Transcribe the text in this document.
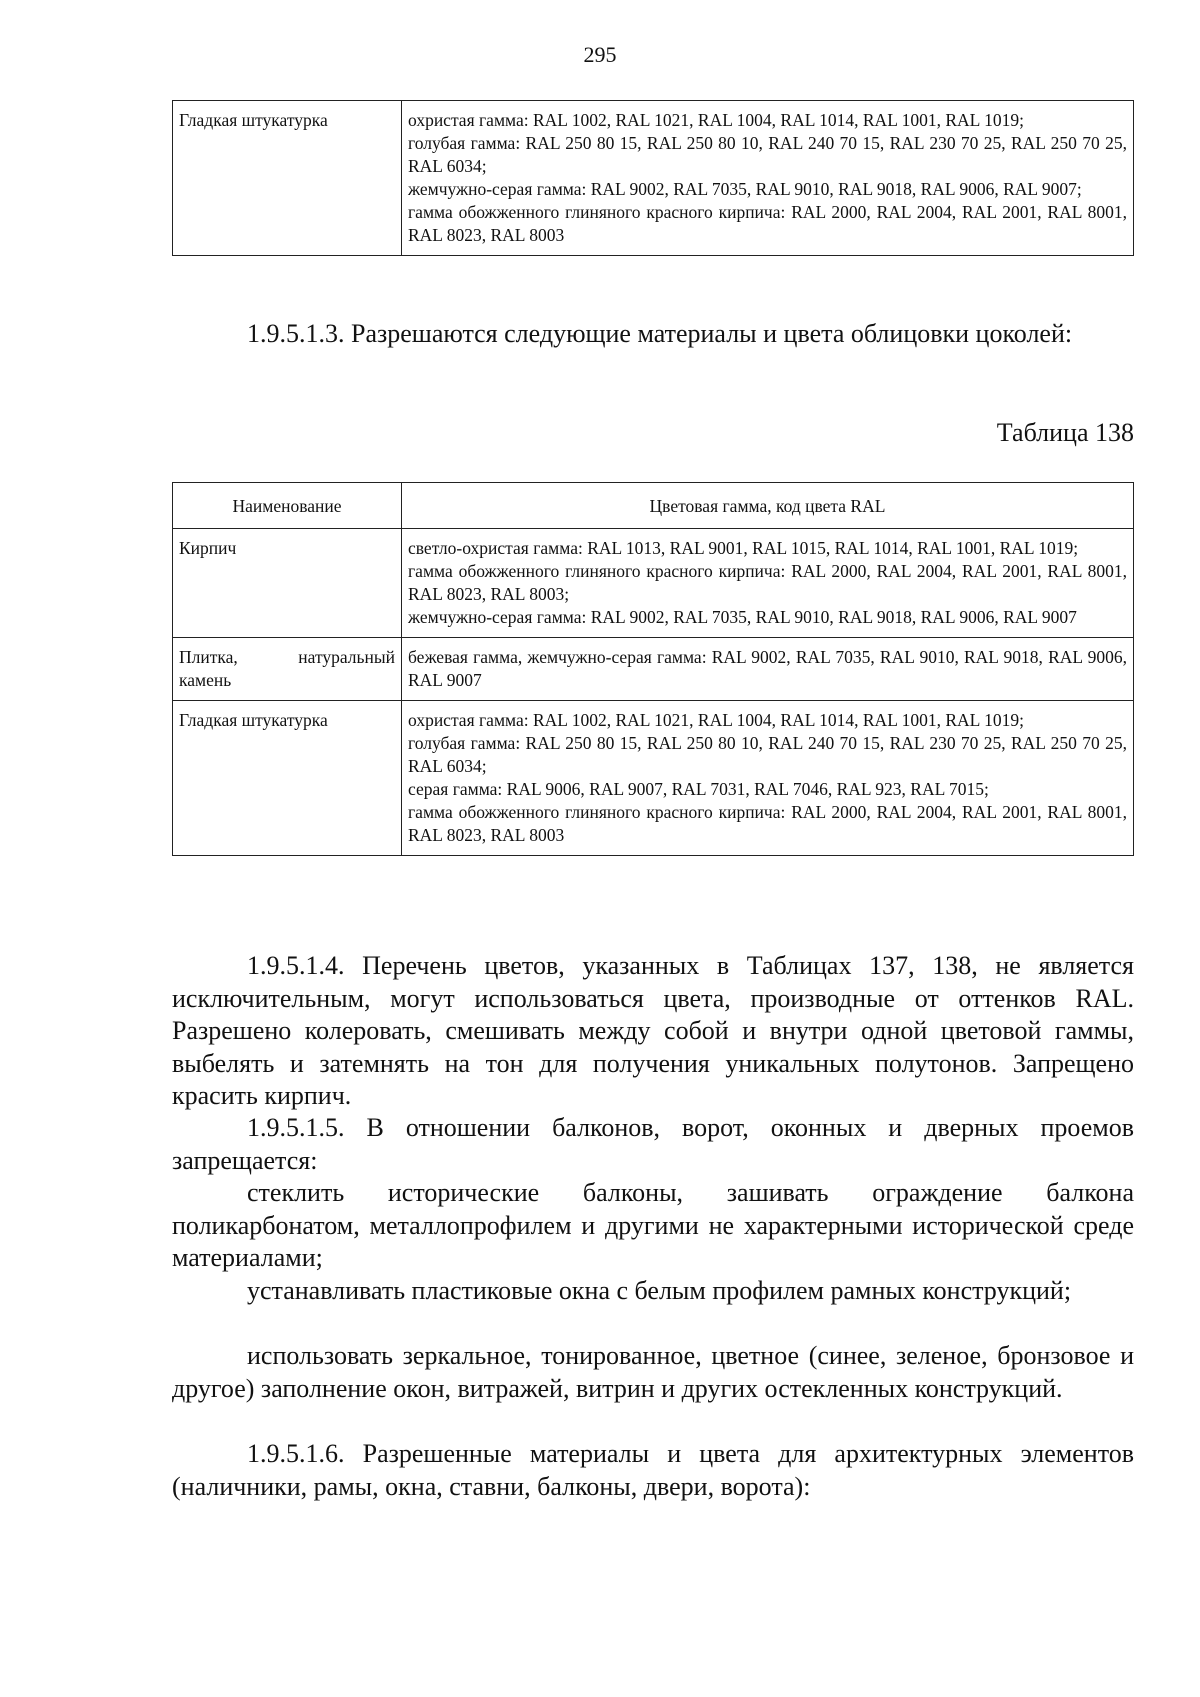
295
Гладкая штукатурка	охристая гамма: RAL 1002, RAL 1021, RAL 1004, RAL 1014, RAL 1001, RAL 1019;
голубая гамма: RAL 250 80 15, RAL 250 80 10, RAL 240 70 15, RAL 230 70 25, RAL 250 70 25, RAL 6034;
жемчужно-серая гамма: RAL 9002, RAL 7035, RAL 9010, RAL 9018, RAL 9006, RAL 9007;
гамма обожженного глиняного красного кирпича: RAL 2000, RAL 2004, RAL 2001, RAL 8001, RAL 8023, RAL 8003

1.9.5.1.3. Разрешаются следующие материалы и цвета облицовки цоколей:

Таблица 138
Наименование	Цветовая гамма, код цвета RAL
Кирпич	светло-охристая гамма: RAL 1013, RAL 9001, RAL 1015, RAL 1014, RAL 1001, RAL 1019;
гамма обожженного глиняного красного кирпича: RAL 2000, RAL 2004, RAL 2001, RAL 8001, RAL 8023, RAL 8003;
жемчужно-серая гамма: RAL 9002, RAL 7035, RAL 9010, RAL 9018, RAL 9006, RAL 9007

Плитка, натуральный
камень	бежевая гамма, жемчужно-серая гамма: RAL 9002, RAL 7035, RAL 9010, RAL 9018, RAL 9006, RAL 9007

Гладкая штукатурка	охристая гамма: RAL 1002, RAL 1021, RAL 1004, RAL 1014, RAL 1001, RAL 1019;
голубая гамма: RAL 250 80 15, RAL 250 80 10, RAL 240 70 15, RAL 230 70 25, RAL 250 70 25, RAL 6034;
серая гамма: RAL 9006, RAL 9007, RAL 7031, RAL 7046, RAL 923, RAL 7015;
гамма обожженного глиняного красного кирпича: RAL 2000, RAL 2004, RAL 2001, RAL 8001, RAL 8023, RAL 8003

1.9.5.1.4. Перечень цветов, указанных в Таблицах 137, 138, не является исключительным, могут использоваться цвета, производные от оттенков RAL. Разрешено колеровать, смешивать между собой и внутри одной цветовой гаммы, выбелять и затемнять на тон для получения уникальных полутонов. Запрещено красить кирпич.

1.9.5.1.5. В отношении балконов, ворот, оконных и дверных проемов запрещается:

стеклить исторические балконы, зашивать ограждение балкона поликарбонатом, металлопрофилем и другими не характерными исторической среде материалами;

устанавливать пластиковые окна с белым профилем рамных конструкций;

использовать зеркальное, тонированное, цветное (синее, зеленое, бронзовое и другое) заполнение окон, витражей, витрин и других остекленных конструкций.

1.9.5.1.6. Разрешенные материалы и цвета для архитектурных элементов (наличники, рамы, окна, ставни, балконы, двери, ворота):
